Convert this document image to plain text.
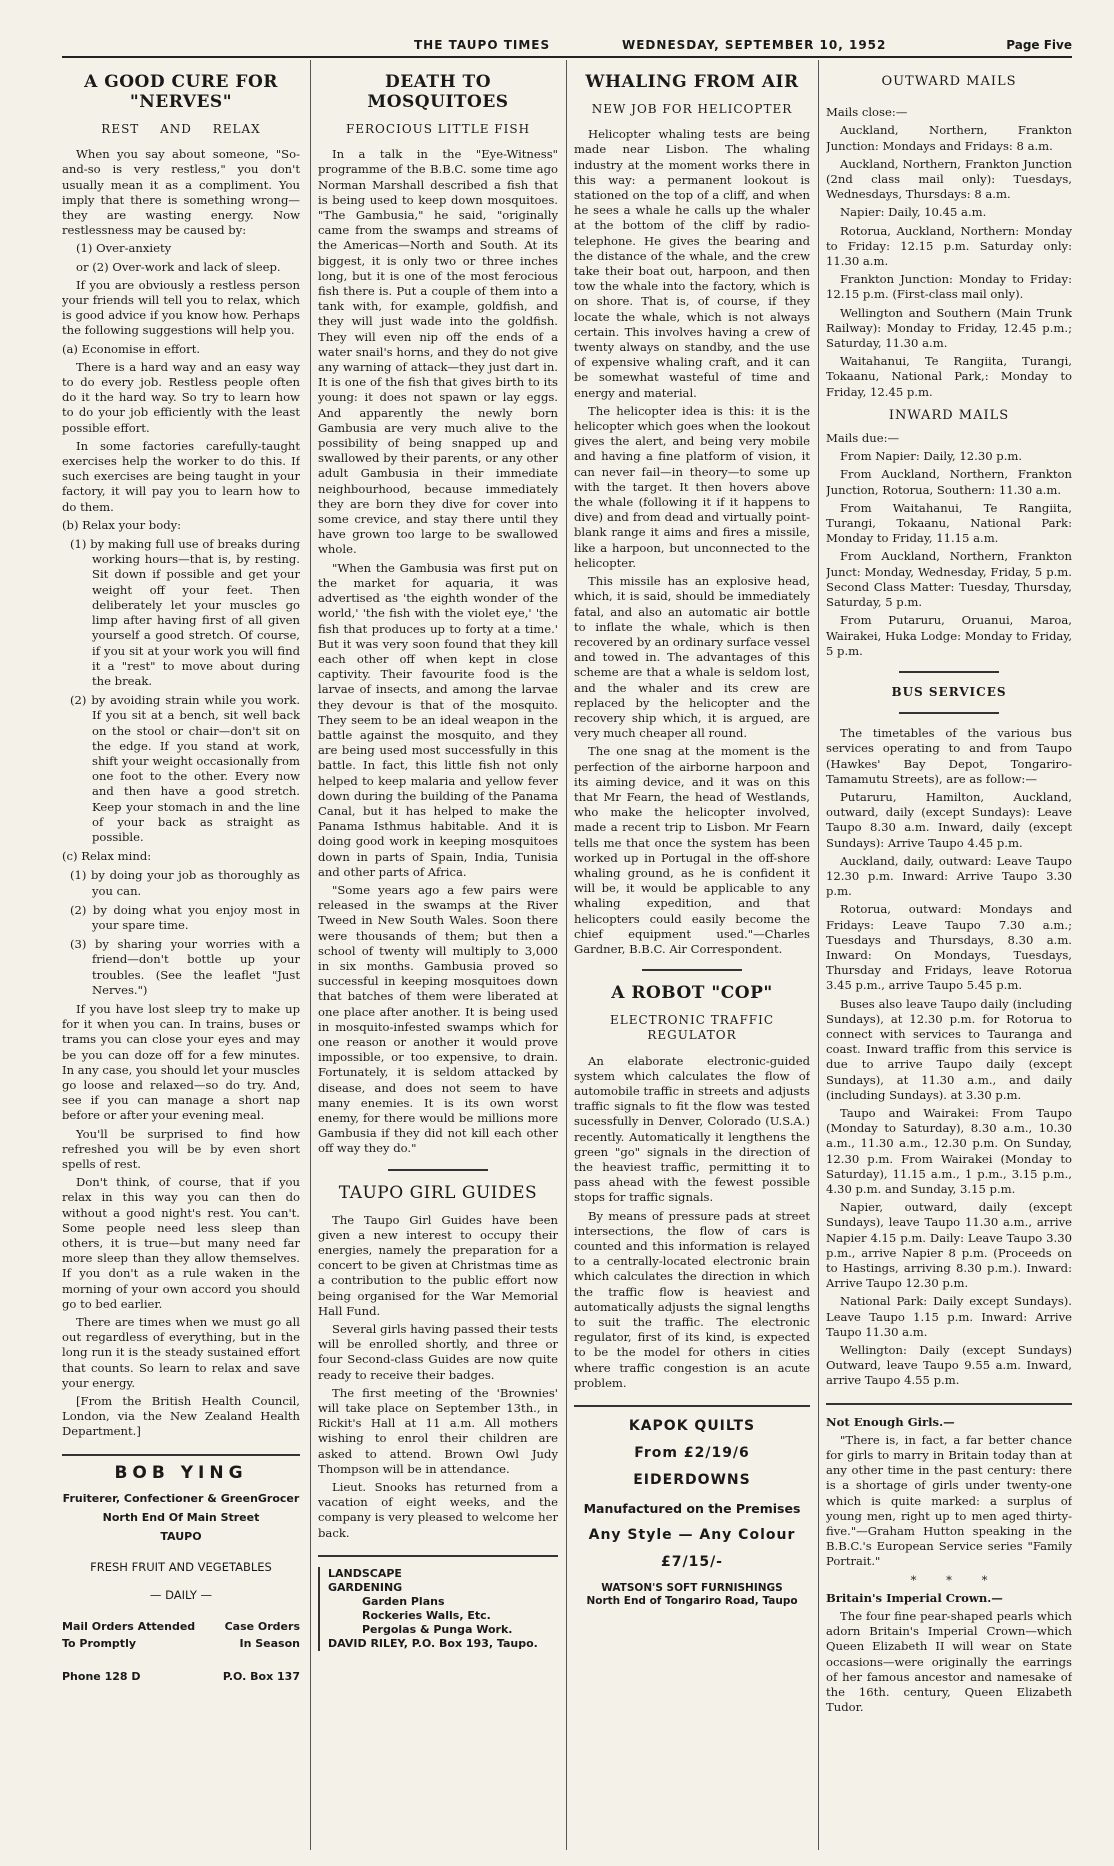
THE TAUPO TIMES	WEDNESDAY, SEPTEMBER 10, 1952	Page Five
A GOOD CURE FOR "NERVES"
REST AND RELAX

When you say about someone, "So-and-so is very restless," you don't usually mean it as a compliment. You imply that there is something wrong—they are wasting energy. Now restlessness may be caused by:

(1) Over-anxiety

or (2) Over-work and lack of sleep.

If you are obviously a restless person your friends will tell you to relax, which is good advice if you know how. Perhaps the following suggestions will help you.

(a) Economise in effort.

There is a hard way and an easy way to do every job. Restless people often do it the hard way. So try to learn how to do your job efficiently with the least possible effort.

In some factories carefully-taught exercises help the worker to do this. If such exercises are being taught in your factory, it will pay you to learn how to do them.

(b) Relax your body:

(1) by making full use of breaks during working hours—that is, by resting. Sit down if possible and get your weight off your feet. Then deliberately let your muscles go limp after having first of all given yourself a good stretch. Of course, if you sit at your work you will find it a "rest" to move about during the break.

(2) by avoiding strain while you work. If you sit at a bench, sit well back on the stool or chair—don't sit on the edge. If you stand at work, shift your weight occasionally from one foot to the other. Every now and then have a good stretch. Keep your stomach in and the line of your back as straight as possible.

(c) Relax mind:

(1) by doing your job as thoroughly as you can.

(2) by doing what you enjoy most in your spare time.

(3) by sharing your worries with a friend—don't bottle up your troubles. (See the leaflet "Just Nerves.")

If you have lost sleep try to make up for it when you can. In trains, buses or trams you can close your eyes and may be you can doze off for a few minutes. In any case, you should let your muscles go loose and relaxed—so do try. And, see if you can manage a short nap before or after your evening meal.

You'll be surprised to find how refreshed you will be by even short spells of rest.

Don't think, of course, that if you relax in this way you can then do without a good night's rest. You can't. Some people need less sleep than others, it is true—but many need far more sleep than they allow themselves. If you don't as a rule waken in the morning of your own accord you should go to bed earlier.

There are times when we must go all out regardless of everything, but in the long run it is the steady sustained effort that counts. So learn to relax and save your energy.

[From the British Health Council, London, via the New Zealand Health Department.]

BOB YING
Fruiterer, Confectioner & GreenGrocer
North End Of Main Street
TAUPO
FRESH FRUIT AND VEGETABLES
— DAILY —
Mail Orders Attended	Case Orders
To Promptly	In Season
Phone 128 D	P.O. Box 137
DEATH TO MOSQUITOES
FEROCIOUS LITTLE FISH

In a talk in the "Eye-Witness" programme of the B.B.C. some time ago Norman Marshall described a fish that is being used to keep down mosquitoes. "The Gambusia," he said, "originally came from the swamps and streams of the Americas—North and South. At its biggest, it is only two or three inches long, but it is one of the most ferocious fish there is. Put a couple of them into a tank with, for example, goldfish, and they will just wade into the goldfish. They will even nip off the ends of a water snail's horns, and they do not give any warning of attack—they just dart in. It is one of the fish that gives birth to its young: it does not spawn or lay eggs. And apparently the newly born Gambusia are very much alive to the possibility of being snapped up and swallowed by their parents, or any other adult Gambusia in their immediate neighbourhood, because immediately they are born they dive for cover into some crevice, and stay there until they have grown too large to be swallowed whole.

"When the Gambusia was first put on the market for aquaria, it was advertised as 'the eighth wonder of the world,' 'the fish with the violet eye,' 'the fish that produces up to forty at a time.' But it was very soon found that they kill each other off when kept in close captivity. Their favourite food is the larvae of insects, and among the larvae they devour is that of the mosquito. They seem to be an ideal weapon in the battle against the mosquito, and they are being used most successfully in this battle. In fact, this little fish not only helped to keep malaria and yellow fever down during the building of the Panama Canal, but it has helped to make the Panama Isthmus habitable. And it is doing good work in keeping mosquitoes down in parts of Spain, India, Tunisia and other parts of Africa.

"Some years ago a few pairs were released in the swamps at the River Tweed in New South Wales. Soon there were thousands of them; but then a school of twenty will multiply to 3,000 in six months. Gambusia proved so successful in keeping mosquitoes down that batches of them were liberated at one place after another. It is being used in mosquito-infested swamps which for one reason or another it would prove impossible, or too expensive, to drain. Fortunately, it is seldom attacked by disease, and does not seem to have many enemies. It is its own worst enemy, for there would be millions more Gambusia if they did not kill each other off way they do."

TAUPO GIRL GUIDES

The Taupo Girl Guides have been given a new interest to occupy their energies, namely the preparation for a concert to be given at Christmas time as a contribution to the public effort now being organised for the War Memorial Hall Fund.

Several girls having passed their tests will be enrolled shortly, and three or four Second-class Guides are now quite ready to receive their badges.

The first meeting of the 'Brownies' will take place on September 13th., in Rickit's Hall at 11 a.m. All mothers wishing to enrol their children are asked to attend. Brown Owl Judy Thompson will be in attendance.

Lieut. Snooks has returned from a vacation of eight weeks, and the company is very pleased to welcome her back.

LANDSCAPE
GARDENING
Garden Plans
Rockeries Walls, Etc.
Pergolas & Punga Work.
DAVID RILEY, P.O. Box 193, Taupo.
WHALING FROM AIR
NEW JOB FOR HELICOPTER

Helicopter whaling tests are being made near Lisbon. The whaling industry at the moment works there in this way: a permanent lookout is stationed on the top of a cliff, and when he sees a whale he calls up the whaler at the bottom of the cliff by radio-telephone. He gives the bearing and the distance of the whale, and the crew take their boat out, harpoon, and then tow the whale into the factory, which is on shore. That is, of course, if they locate the whale, which is not always certain. This involves having a crew of twenty always on standby, and the use of expensive whaling craft, and it can be somewhat wasteful of time and energy and material.

The helicopter idea is this: it is the helicopter which goes when the lookout gives the alert, and being very mobile and having a fine platform of vision, it can never fail—in theory—to some up with the target. It then hovers above the whale (following it if it happens to dive) and from dead and virtually point-blank range it aims and fires a missile, like a harpoon, but unconnected to the helicopter.

This missile has an explosive head, which, it is said, should be immediately fatal, and also an automatic air bottle to inflate the whale, which is then recovered by an ordinary surface vessel and towed in. The advantages of this scheme are that a whale is seldom lost, and the whaler and its crew are replaced by the helicopter and the recovery ship which, it is argued, are very much cheaper all round.

The one snag at the moment is the perfection of the airborne harpoon and its aiming device, and it was on this that Mr Fearn, the head of Westlands, who make the helicopter involved, made a recent trip to Lisbon. Mr Fearn tells me that once the system has been worked up in Portugal in the off-shore whaling ground, as he is confident it will be, it would be applicable to any whaling expedition, and that helicopters could easily become the chief equipment used."—Charles Gardner, B.B.C. Air Correspondent.

A ROBOT "COP"
ELECTRONIC TRAFFIC REGULATOR

An elaborate electronic-guided system which calculates the flow of automobile traffic in streets and adjusts traffic signals to fit the flow was tested sucessfully in Denver, Colorado (U.S.A.) recently. Automatically it lengthens the green "go" signals in the direction of the heaviest traffic, permitting it to pass ahead with the fewest possible stops for traffic signals.

By means of pressure pads at street intersections, the flow of cars is counted and this information is relayed to a centrally-located electronic brain which calculates the direction in which the traffic flow is heaviest and automatically adjusts the signal lengths to suit the traffic. The electronic regulator, first of its kind, is expected to be the model for others in cities where traffic congestion is an acute problem.

KAPOK QUILTS
From £2/19/6
EIDERDOWNS
Manufactured on the Premises
Any Style — Any Colour
£7/15/-
WATSON'S SOFT FURNISHINGS
North End of Tongariro Road, Taupo
OUTWARD MAILS

Mails close:—

Auckland, Northern, Frankton Junction: Mondays and Fridays: 8 a.m.

Auckland, Northern, Frankton Junction (2nd class mail only): Tuesdays, Wednesdays, Thursdays: 8 a.m.

Napier: Daily, 10.45 a.m.

Rotorua, Auckland, Northern: Monday to Friday: 12.15 p.m. Saturday only: 11.30 a.m.

Frankton Junction: Monday to Friday: 12.15 p.m. (First-class mail only).

Wellington and Southern (Main Trunk Railway): Monday to Friday, 12.45 p.m.; Saturday, 11.30 a.m.

Waitahanui, Te Rangiita, Turangi, Tokaanu, National Park,: Monday to Friday, 12.45 p.m.

INWARD MAILS

Mails due:—

From Napier: Daily, 12.30 p.m.

From Auckland, Northern, Frankton Junction, Rotorua, Southern: 11.30 a.m.

From Waitahanui, Te Rangiita, Turangi, Tokaanu, National Park: Monday to Friday, 11.15 a.m.

From Auckland, Northern, Frankton Junct: Monday, Wednesday, Friday, 5 p.m. Second Class Matter: Tuesday, Thursday, Saturday, 5 p.m.

From Putaruru, Oruanui, Maroa, Wairakei, Huka Lodge: Monday to Friday, 5 p.m.

BUS SERVICES

The timetables of the various bus services operating to and from Taupo (Hawkes' Bay Depot, Tongariro-Tamamutu Streets), are as follow:—

Putaruru, Hamilton, Auckland, outward, daily (except Sundays): Leave Taupo 8.30 a.m. Inward, daily (except Sundays): Arrive Taupo 4.45 p.m.

Auckland, daily, outward: Leave Taupo 12.30 p.m. Inward: Arrive Taupo 3.30 p.m.

Rotorua, outward: Mondays and Fridays: Leave Taupo 7.30 a.m.; Tuesdays and Thursdays, 8.30 a.m. Inward: On Mondays, Tuesdays, Thursday and Fridays, leave Rotorua 3.45 p.m., arrive Taupo 5.45 p.m.

Buses also leave Taupo daily (including Sundays), at 12.30 p.m. for Rotorua to connect with services to Tauranga and coast. Inward traffic from this service is due to arrive Taupo daily (except Sundays), at 11.30 a.m., and daily (including Sundays). at 3.30 p.m.

Taupo and Wairakei: From Taupo (Monday to Saturday), 8.30 a.m., 10.30 a.m., 11.30 a.m., 12.30 p.m. On Sunday, 12.30 p.m. From Wairakei (Monday to Saturday), 11.15 a.m., 1 p.m., 3.15 p.m., 4.30 p.m. and Sunday, 3.15 p.m.

Napier, outward, daily (except Sundays), leave Taupo 11.30 a.m., arrive Napier 4.15 p.m. Daily: Leave Taupo 3.30 p.m., arrive Napier 8 p.m. (Proceeds on to Hastings, arriving 8.30 p.m.). Inward: Arrive Taupo 12.30 p.m.

National Park: Daily except Sundays). Leave Taupo 1.15 p.m. Inward: Arrive Taupo 11.30 a.m.

Wellington: Daily (except Sundays) Outward, leave Taupo 9.55 a.m. Inward, arrive Taupo 4.55 p.m.

Not Enough Girls.—

"There is, in fact, a far better chance for girls to marry in Britain today than at any other time in the past century: there is a shortage of girls under twenty-one which is quite marked: a surplus of young men, right up to men aged thirty-five."—Graham Hutton speaking in the B.B.C.'s European Service series "Family Portrait."

* * *

Britain's Imperial Crown.—

The four fine pear-shaped pearls which adorn Britain's Imperial Crown—which Queen Elizabeth II will wear on State occasions—were originally the earrings of her famous ancestor and namesake of the 16th. century, Queen Elizabeth Tudor.
